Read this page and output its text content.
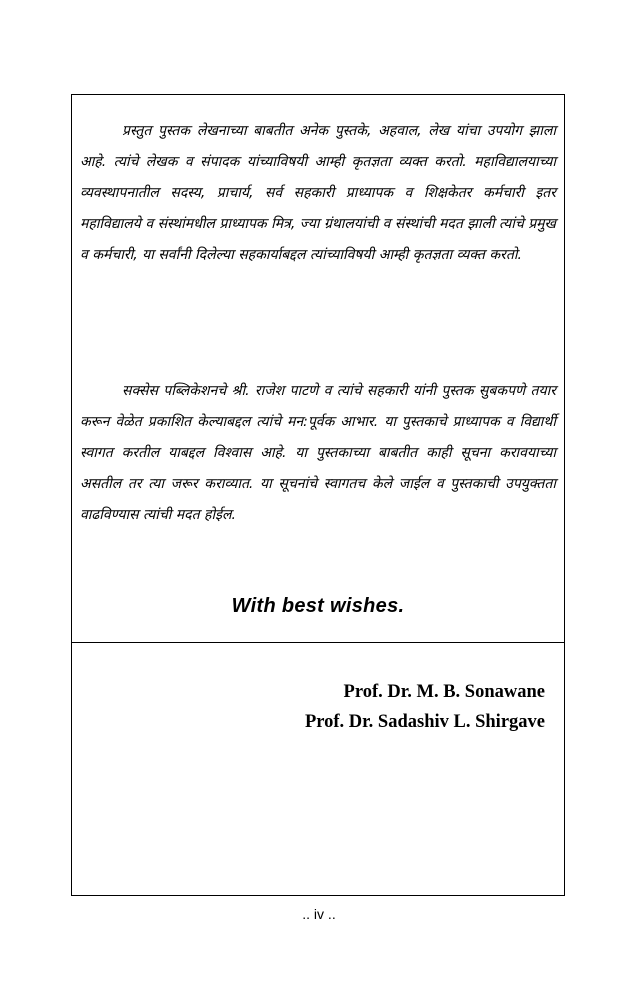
प्रस्तुत पुस्तक लेखनाच्या बाबतीत अनेक पुस्तके, अहवाल, लेख यांचा उपयोग झाला आहे. त्यांचे लेखक व संपादक यांच्याविषयी आम्ही कृतज्ञता व्यक्त करतो. महाविद्यालयाच्या व्यवस्थापनातील सदस्य, प्राचार्य, सर्व सहकारी प्राध्यापक व शिक्षकेतर कर्मचारी इतर महाविद्यालये व संस्थांमधील प्राध्यापक मित्र, ज्या ग्रंथालयांची व संस्थांची मदत झाली त्यांचे प्रमुख व कर्मचारी, या सर्वांनी दिलेल्या सहकार्याबद्दल त्यांच्याविषयी आम्ही कृतज्ञता व्यक्त करतो.

सक्सेस पब्लिकेशनचे श्री. राजेश पाटणे व त्यांचे सहकारी यांनी पुस्तक सुबकपणे तयार करून वेळेत प्रकाशित केल्याबद्दल त्यांचे मन:पूर्वक आभार. या पुस्तकाचे प्राध्यापक व विद्यार्थी स्वागत करतील याबद्दल विश्वास आहे. या पुस्तकाच्या बाबतीत काही सूचना करावयाच्या असतील तर त्या जरूर कराव्यात. या सूचनांचे स्वागतच केले जाईल व पुस्तकाची उपयुक्तता वाढविण्यास त्यांची मदत होईल.

With best wishes.
Prof. Dr. M. B. Sonawane
Prof. Dr. Sadashiv L. Shirgave
.. iv ..
